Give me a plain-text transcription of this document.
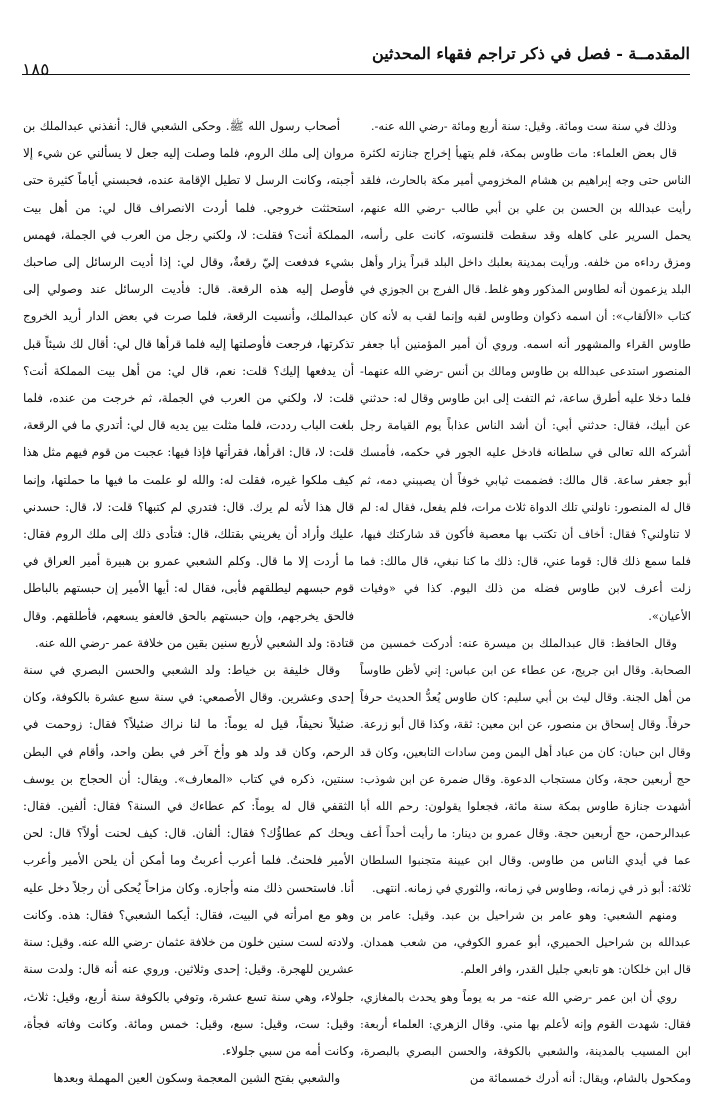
المقدمــة - فصل في ذكر تراجم فقهاء المحدثين
١٨٥

وذلك في سنة ست ومائة. وقيل: سنة أربع ومائة -رضي الله عنه-.

قال بعض العلماء: مات طاوس بمكة، فلم يتهيأ إخراج جنازته لكثرة الناس حتى وجه إبراهيم بن هشام المخزومي أمير مكة بالحارث، فلقد رأيت عبدالله بن الحسن بن علي بن أبي طالب -رضي الله عنهم، يحمل السرير على كاهله وقد سقطت قلنسوته، كانت على رأسه، ومزق رداءه من خلفه. ورأيت بمدينة بعلبك داخل البلد قبراً يزار وأهل البلد يزعمون أنه لطاوس المذكور وهو غلط. قال الفرج بن الجوزي في كتاب «الألقاب»: أن اسمه ذكوان وطاوس لقبه وإنما لقب به لأنه كان طاوس القراء والمشهور أنه اسمه. وروي أن أمير المؤمنين أبا جعفر المنصور استدعى عبدالله بن طاوس ومالك بن أنس -رضي الله عنهما- فلما دخلا عليه أطرق ساعة، ثم التفت إلى ابن طاوس وقال له: حدثني عن أبيك، فقال: حدثني أبي: أن أشد الناس عذاباً يوم القيامة رجل أشركه الله تعالى في سلطانه فادخل عليه الجور في حكمه، فأمسك أبو جعفر ساعة. قال مالك: فضممت ثيابي خوفاً أن يصيبني دمه، ثم قال له المنصور: ناولني تلك الدواة ثلاث مرات، فلم يفعل، فقال له: لم لا تناولني؟ فقال: أخاف أن تكتب بها معصية فأكون قد شاركتك فيها، فلما سمع ذلك قال: قوما عني، قال: ذلك ما كنا نبغي، قال مالك: فما زلت أعرف لابن طاوس فضله من ذلك اليوم. كذا في «وفيات الأعيان».

وقال الحافظ: قال عبدالملك بن ميسرة عنه: أدركت خمسين من الصحابة. وقال ابن جريج، عن عطاء عن ابن عباس: إني لأظن طاوساً من أهل الجنة. وقال ليث بن أبي سليم: كان طاوس يُعدُّ الحديث حرفاً حرفاً. وقال إسحاق بن منصور، عن ابن معين: ثقة، وكذا قال أبو زرعة. وقال ابن حبان: كان من عباد أهل اليمن ومن سادات التابعين، وكان قد حج أربعين حجة، وكان مستجاب الدعوة. وقال ضمرة عن ابن شوذب: أشهدت جنازة طاوس بمكة سنة مائة، فجعلوا يقولون: رحم الله أبا عبدالرحمن، حج أربعين حجة. وقال عمرو بن دينار: ما رأيت أحداً أعف عما في أيدي الناس من طاوس. وقال ابن عيينة متجنبوا السلطان ثلاثة: أبو ذر في زمانه، وطاوس في زمانه، والثوري في زمانه. انتهى.

ومنهم الشعبي: وهو عامر بن شراحيل بن عبد. وقيل: عامر بن عبدالله بن شراحيل الحميري، أبو عمرو الكوفي، من شعب همدان. قال ابن خلكان: هو تابعي جليل القدر، وافر العلم.

روي أن ابن عمر -رضي الله عنه- مر به يوماً وهو يحدث بالمغازي، فقال: شهدت القوم وإنه لأعلم بها مني. وقال الزهري: العلماء أربعة: ابن المسيب بالمدينة، والشعبي بالكوفة، والحسن البصري بالبصرة، ومكحول بالشام، ويقال: أنه أدرك خمسمائة من

أصحاب رسول الله ﷺ. وحكى الشعبي قال: أنفذني عبدالملك بن مروان إلى ملك الروم، فلما وصلت إليه جعل لا يسألني عن شيء إلا أجبته، وكانت الرسل لا تطيل الإقامة عنده، فحبسني أياماً كثيرة حتى استحثثت خروجي. فلما أردت الانصراف قال لي: من أهل بيت المملكة أنت؟ فقلت: لا، ولكني رجل من العرب في الجملة، فهمس بشيء فدفعت إليّ رقعةٌ، وقال لي: إذا أديت الرسائل إلى صاحبك فأوصل إليه هذه الرقعة. قال: فأديت الرسائل عند وصولي إلى عبدالملك، وأنسيت الرقعة، فلما صرت في بعض الدار أريد الخروج تذكرتها، فرجعت فأوصلتها إليه فلما قرأها قال لي: أقال لك شيئاً قبل أن يدفعها إليك؟ قلت: نعم، قال لي: من أهل بيت المملكة أنت؟ قلت: لا، ولكني من العرب في الجملة، ثم خرجت من عنده، فلما بلغت الباب رددت، فلما مثلت بين يديه قال لي: أتدري ما في الرقعة، قلت: لا، قال: اقرأها، فقرأتها فإذا فيها: عجبت من قوم فيهم مثل هذا كيف ملكوا غيره، فقلت له: والله لو علمت ما فيها ما حملتها، وإنما قال هذا لأنه لم يرك. قال: فتدري لم كتبها؟ قلت: لا، قال: حسدني عليك وأراد أن يغريني بقتلك، قال: فتأدى ذلك إلى ملك الروم فقال: ما أردت إلا ما قال. وكلم الشعبي عمرو بن هبيرة أمير العراق في قوم حبسهم ليطلقهم فأبى، فقال له: أيها الأمير إن حبستهم بالباطل فالحق يخرجهم، وإن حبستهم بالحق فالعفو يسعهم، فأطلقهم. وقال قتادة: ولد الشعبي لأربع سنين بقين من خلافة عمر -رضي الله عنه.

وقال خليفة بن خياط: ولد الشعبي والحسن البصري في سنة إحدى وعشرين. وقال الأصمعي: في سنة سبع عشرة بالكوفة، وكان ضئيلاً نحيفاً، قيل له يوماً: ما لنا نراك ضئيلاً؟ فقال: زوحمت في الرحم، وكان قد ولد هو وأخ آخر في بطن واحد، وأقام في البطن سنتين، ذكره في كتاب «المعارف». ويقال: أن الحجاج بن يوسف الثقفي قال له يوماً: كم عطاءك في السنة؟ فقال: ألفين. فقال: ويحك كم عطاؤُك؟ فقال: ألفان. قال: كيف لحنت أولاً؟ قال: لحن الأمير فلحنتُ. فلما أعرب أعربتُ وما أمكن أن يلحن الأمير وأعرب أنا. فاستحسن ذلك منه وأجازه. وكان مزاحاً يُحكى أن رجلاً دخل عليه وهو مع امرأته في البيت، فقال: أيكما الشعبي؟ فقال: هذه. وكانت ولادته لست سنين خلون من خلافة عثمان -رضي الله عنه. وقيل: سنة عشرين للهجرة. وقيل: إحدى وثلاثين. وروي عنه أنه قال: ولدت سنة جلولاء، وهي سنة تسع عشرة، وتوفي بالكوفة سنة أربع، وقيل: ثلاث، وقيل: ست، وقيل: سبع، وقيل: خمس ومائة. وكانت وفاته فجأة، وكانت أمه من سبي جلولاء.

والشعبي بفتح الشين المعجمة وسكون العين المهملة وبعدها
